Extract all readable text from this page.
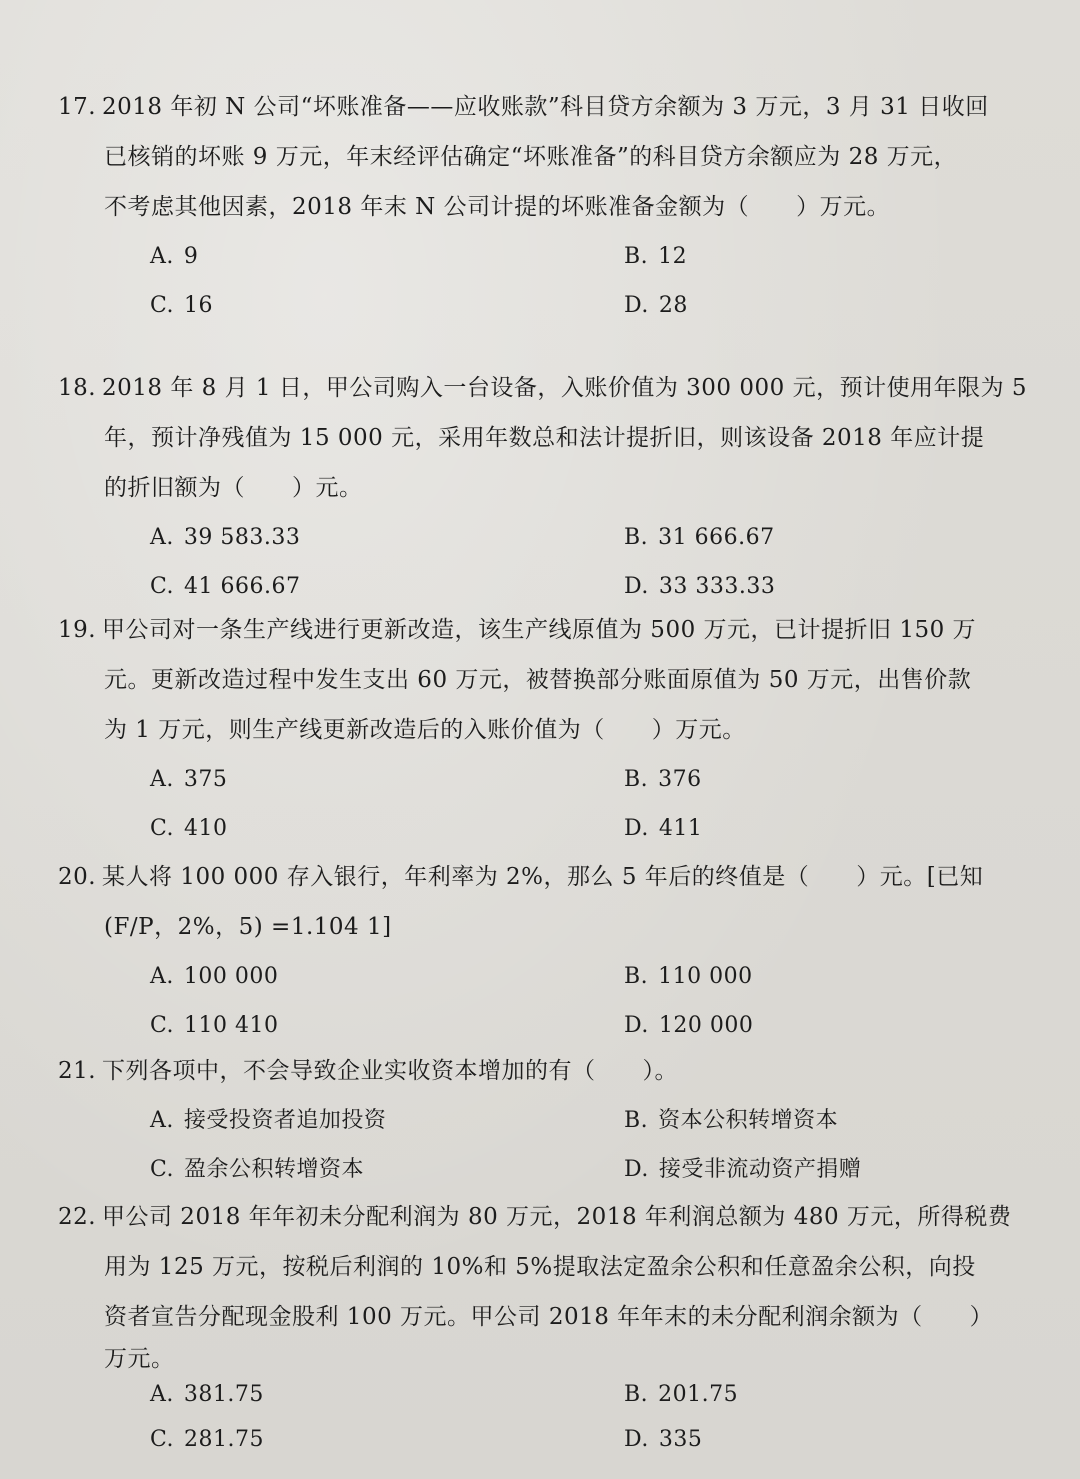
17. 2018 年初 N 公司“坏账准备——应收账款”科目贷方余额为 3 万元，3 月 31 日收回
已核销的坏账 9 万元，年末经评估确定“坏账准备”的科目贷方余额应为 28 万元，
不考虑其他因素，2018 年末 N 公司计提的坏账准备金额为（　　）万元。
A. 9	B. 12
C. 16	D. 28
18. 2018 年 8 月 1 日，甲公司购入一台设备，入账价值为 300 000 元，预计使用年限为 5
年，预计净残值为 15 000 元，采用年数总和法计提折旧，则该设备 2018 年应计提
的折旧额为（　　）元。
A. 39 583.33	B. 31 666.67
C. 41 666.67	D. 33 333.33
19. 甲公司对一条生产线进行更新改造，该生产线原值为 500 万元，已计提折旧 150 万
元。更新改造过程中发生支出 60 万元，被替换部分账面原值为 50 万元，出售价款
为 1 万元，则生产线更新改造后的入账价值为（　　）万元。
A. 375	B. 376
C. 410	D. 411
20. 某人将 100 000 存入银行，年利率为 2%，那么 5 年后的终值是（　　）元。[已知
(F/P，2%，5) =1.104 1]
A. 100 000	B. 110 000
C. 110 410	D. 120 000
21. 下列各项中，不会导致企业实收资本增加的有（　　）。
A. 接受投资者追加投资	B. 资本公积转增资本
C. 盈余公积转增资本	D. 接受非流动资产捐赠
22. 甲公司 2018 年年初未分配利润为 80 万元，2018 年利润总额为 480 万元，所得税费
用为 125 万元，按税后利润的 10%和 5%提取法定盈余公积和任意盈余公积，向投
资者宣告分配现金股利 100 万元。甲公司 2018 年年末的未分配利润余额为（　　）
万元。
A. 381.75	B. 201.75
C. 281.75	D. 335
